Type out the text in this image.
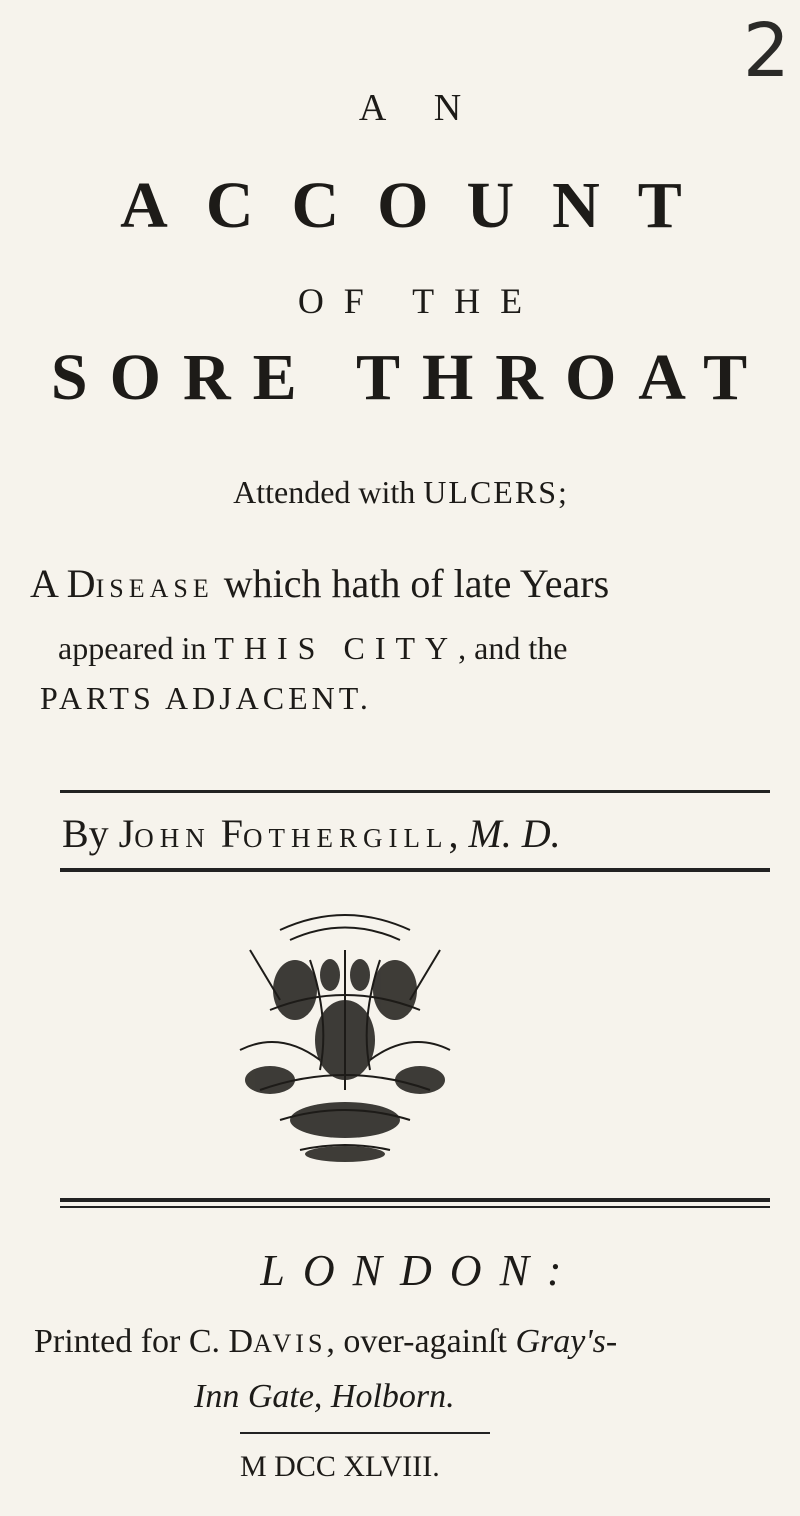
2
A N
ACCOUNT
OF THE
SORE THROAT
Attended with ULCERS;
A DISEASE which hath of late Years
appeared in THIS CITY, and the
PARTS ADJACENT.
By JOHN FOTHERGILL, M. D.
LONDON:
Printed for C. DAVIS, over-againſt Gray's-
Inn Gate, Holborn.
M DCC XLVIII.
